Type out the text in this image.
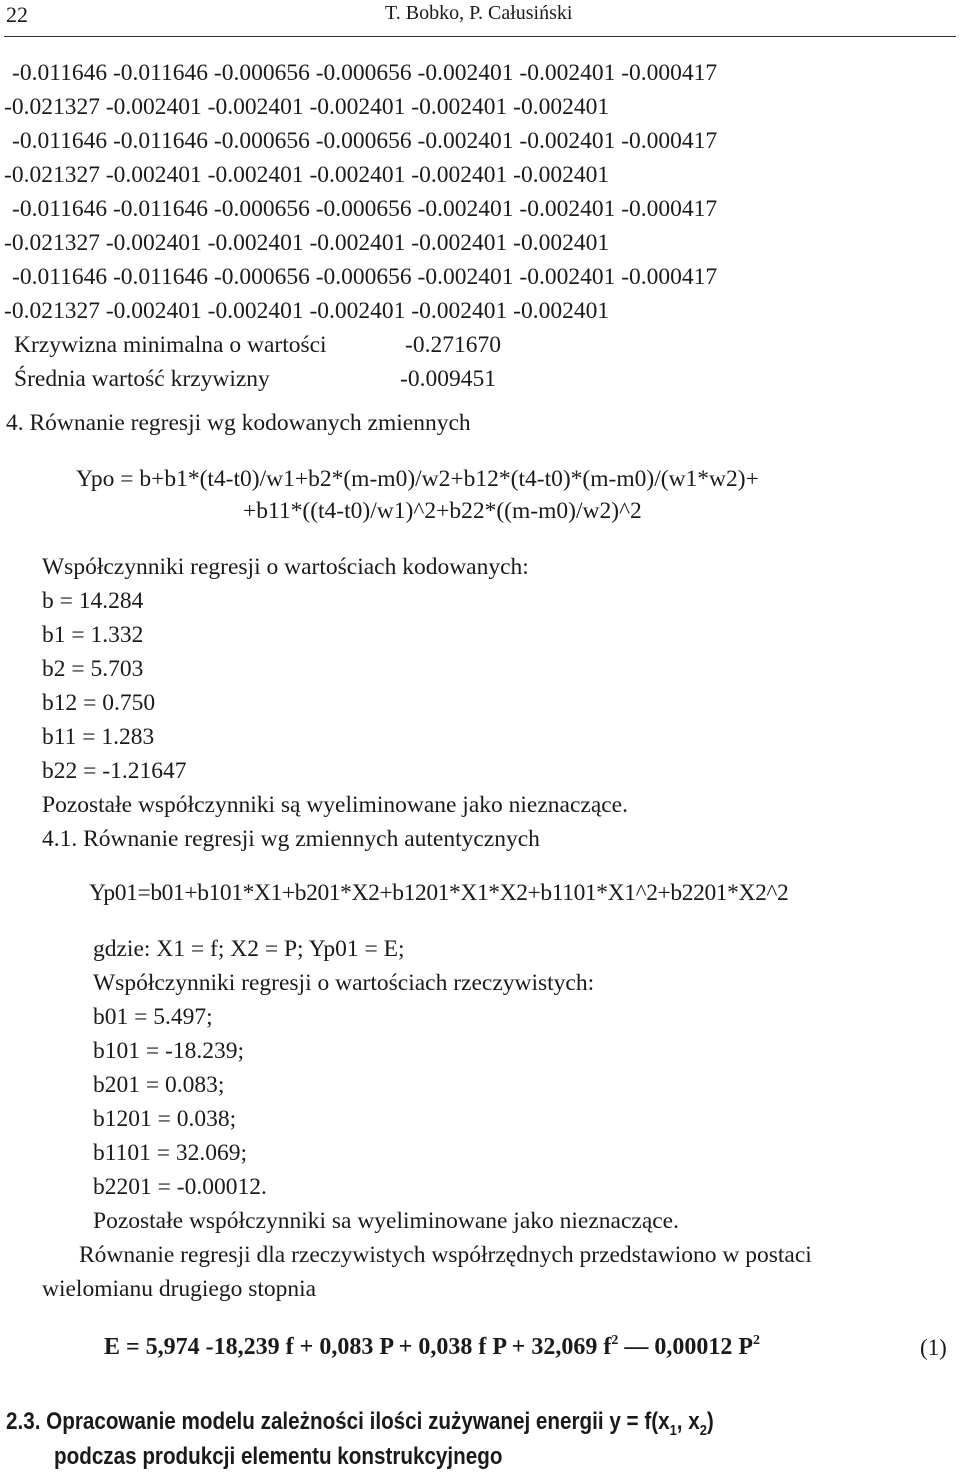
22	T. Bobko, P. Całusiński
-0.011646 -0.011646 -0.000656 -0.000656 -0.002401 -0.002401 -0.000417
-0.021327 -0.002401 -0.002401 -0.002401 -0.002401 -0.002401
-0.011646 -0.011646 -0.000656 -0.000656 -0.002401 -0.002401 -0.000417
-0.021327 -0.002401 -0.002401 -0.002401 -0.002401 -0.002401
-0.011646 -0.011646 -0.000656 -0.000656 -0.002401 -0.002401 -0.000417
-0.021327 -0.002401 -0.002401 -0.002401 -0.002401 -0.002401
-0.011646 -0.011646 -0.000656 -0.000656 -0.002401 -0.002401 -0.000417
-0.021327 -0.002401 -0.002401 -0.002401 -0.002401 -0.002401
Krzywizna minimalna o wartości	-0.271670
Średnia wartość krzywizny	-0.009451
4. Równanie regresji wg kodowanych zmiennych
Ypo = b+b1*(t4-t0)/w1+b2*(m-m0)/w2+b12*(t4-t0)*(m-m0)/(w1*w2)+
+b11*((t4-t0)/w1)^2+b22*((m-m0)/w2)^2
Współczynniki regresji o wartościach kodowanych:
b = 14.284
b1 = 1.332
b2 = 5.703
b12 = 0.750
b11 = 1.283
b22 = -1.21647
Pozostałe współczynniki są wyeliminowane jako nieznaczące.
4.1. Równanie regresji wg zmiennych autentycznych
Yp01=b01+b101*X1+b201*X2+b1201*X1*X2+b1101*X1^2+b2201*X2^2
gdzie: X1 = f; X2 = P; Yp01 = E;
Współczynniki regresji o wartościach rzeczywistych:
b01 = 5.497;
b101 = -18.239;
b201 = 0.083;
b1201 = 0.038;
b1101 = 32.069;
b2201 = -0.00012.
Pozostałe współczynniki sa wyeliminowane jako nieznaczące.
Równanie regresji dla rzeczywistych współrzędnych przedstawiono w postaci
wielomianu drugiego stopnia
E = 5,974 -18,239 f + 0,083 P + 0,038 f P + 32,069 $f^2$ — 0,00012 $P^2$	(1)
2.3. Opracowanie modelu zależności ilości zużywanej energii $y = f(x_1$, $x_2$)
podczas produkcji elementu konstrukcyjnego
